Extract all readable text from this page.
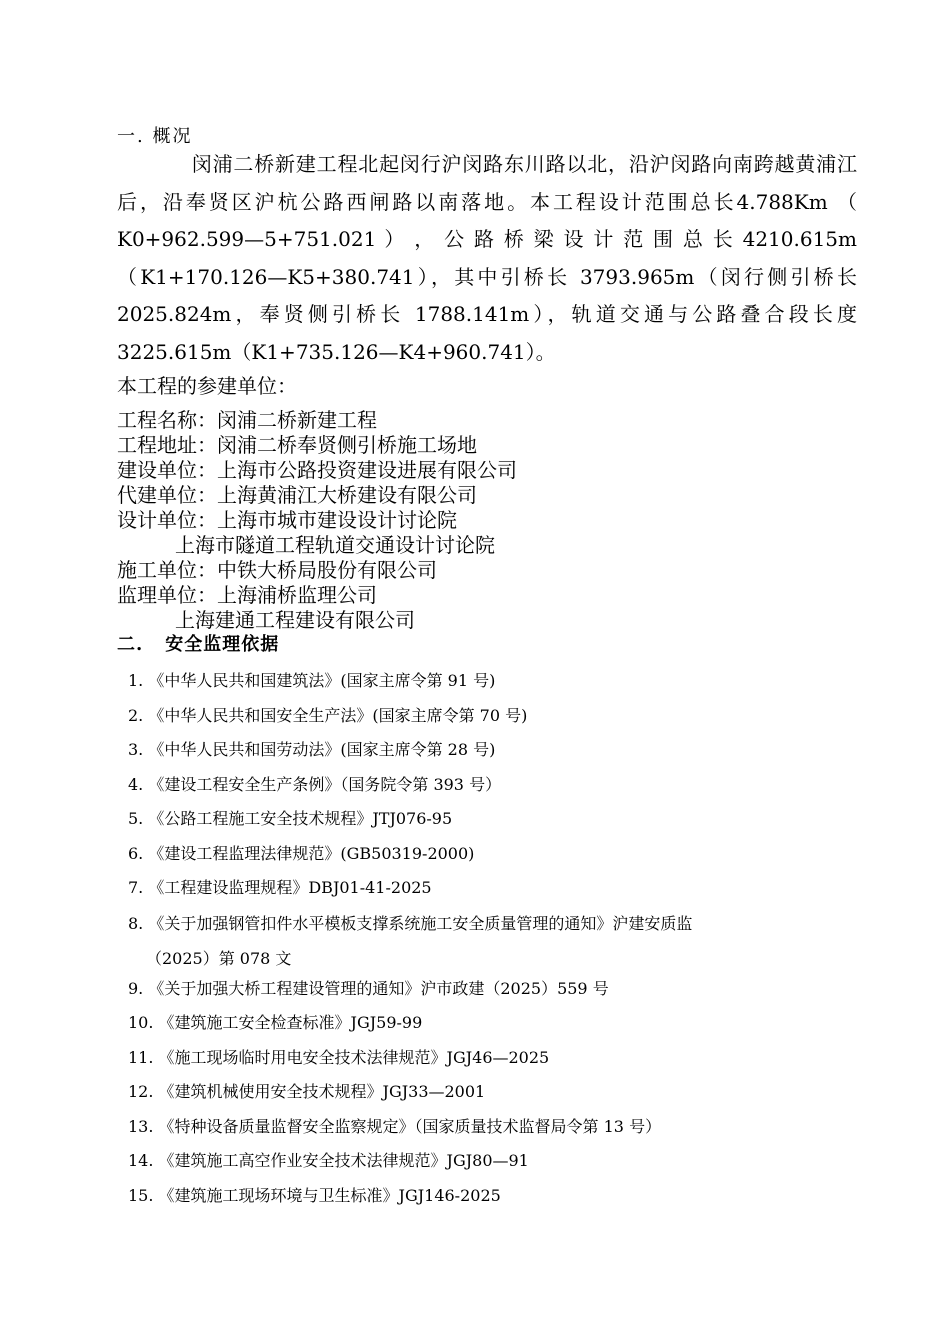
一. 概况
闵浦二桥新建工程北起闵行沪闵路东川路以北，沿沪闵路向南跨越黄浦江后，沿奉贤区沪杭公路西闸路以南落地。本工程设计范围总长4.788Km （ K0+962.599—5+751.021 ） ， 公 路 桥 梁 设 计 范 围 总 长 4210.615m（K1+170.126—K5+380.741），其中引桥长 3793.965m（闵行侧引桥长 2025.824m，奉贤侧引桥长 1788.141m），轨道交通与公路叠合段长度 3225.615m（K1+735.126—K4+960.741）。
本工程的参建单位：
工程名称：闵浦二桥新建工程
工程地址：闵浦二桥奉贤侧引桥施工场地
建设单位：上海市公路投资建设进展有限公司
代建单位：上海黄浦江大桥建设有限公司
设计单位：上海市城市建设设计讨论院
上海市隧道工程轨道交通设计讨论院
施工单位：中铁大桥局股份有限公司
监理单位：上海浦桥监理公司
上海建通工程建设有限公司
二. 安全监理依据
1. 《中华人民共和国建筑法》(国家主席令第 91 号)
2. 《中华人民共和国安全生产法》(国家主席令第 70 号)
3. 《中华人民共和国劳动法》(国家主席令第 28 号)
4. 《建设工程安全生产条例》（国务院令第 393 号）
5. 《公路工程施工安全技术规程》JTJ076-95
6. 《建设工程监理法律规范》(GB50319-2000)
7. 《工程建设监理规程》DBJ01-41-2025
8. 《关于加强钢管扣件水平模板支撑系统施工安全质量管理的通知》沪建安质监
（2025）第 078 文
9. 《关于加强大桥工程建设管理的通知》沪市政建（2025）559 号
10. 《建筑施工安全检查标准》JGJ59-99
11. 《施工现场临时用电安全技术法律规范》JGJ46—2025
12. 《建筑机械使用安全技术规程》JGJ33—2001
13. 《特种设备质量监督安全监察规定》（国家质量技术监督局令第 13 号）
14. 《建筑施工高空作业安全技术法律规范》JGJ80—91
15. 《建筑施工现场环境与卫生标准》JGJ146-2025
